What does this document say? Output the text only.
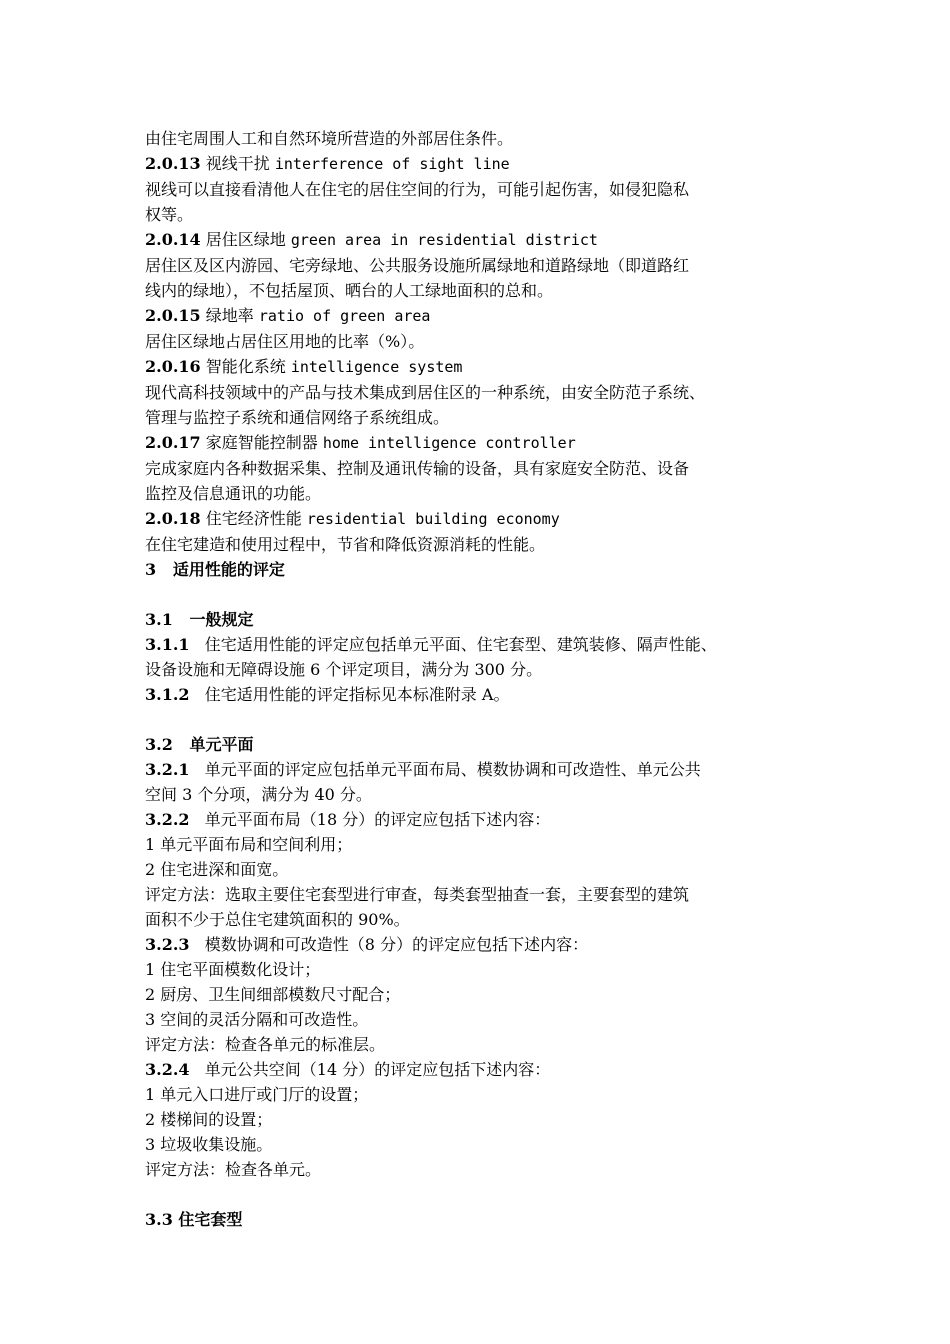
由住宅周围人工和自然环境所营造的外部居住条件。
2.0.13 视线干扰 interference of sight line
视线可以直接看清他人在住宅的居住空间的行为，可能引起伤害，如侵犯隐私
权等。
2.0.14 居住区绿地 green area in residential district
居住区及区内游园、宅旁绿地、公共服务设施所属绿地和道路绿地（即道路红
线内的绿地），不包括屋顶、晒台的人工绿地面积的总和。
2.0.15 绿地率 ratio of green area
居住区绿地占居住区用地的比率（%）。
2.0.16 智能化系统 intelligence system
现代高科技领域中的产品与技术集成到居住区的一种系统，由安全防范子系统、
管理与监控子系统和通信网络子系统组成。
2.0.17 家庭智能控制器 home intelligence controller
完成家庭内各种数据采集、控制及通讯传输的设备，具有家庭安全防范、设备
监控及信息通讯的功能。
2.0.18 住宅经济性能 residential building economy
在住宅建造和使用过程中，节省和降低资源消耗的性能。
3   适用性能的评定
3.1   一般规定
3.1.1   住宅适用性能的评定应包括单元平面、住宅套型、建筑装修、隔声性能、
设备设施和无障碍设施 6 个评定项目，满分为 300 分。
3.1.2   住宅适用性能的评定指标见本标准附录 A。
3.2   单元平面
3.2.1   单元平面的评定应包括单元平面布局、模数协调和可改造性、单元公共
空间 3 个分项，满分为 40 分。
3.2.2   单元平面布局（18 分）的评定应包括下述内容：
1 单元平面布局和空间利用；
2 住宅进深和面宽。
评定方法：选取主要住宅套型进行审查，每类套型抽查一套，主要套型的建筑
面积不少于总住宅建筑面积的 90%。
3.2.3   模数协调和可改造性（8 分）的评定应包括下述内容：
1 住宅平面模数化设计；
2 厨房、卫生间细部模数尺寸配合；
3 空间的灵活分隔和可改造性。
评定方法：检查各单元的标准层。
3.2.4   单元公共空间（14 分）的评定应包括下述内容：
1 单元入口进厅或门厅的设置；
2 楼梯间的设置；
3 垃圾收集设施。
评定方法：检查各单元。
3.3 住宅套型
